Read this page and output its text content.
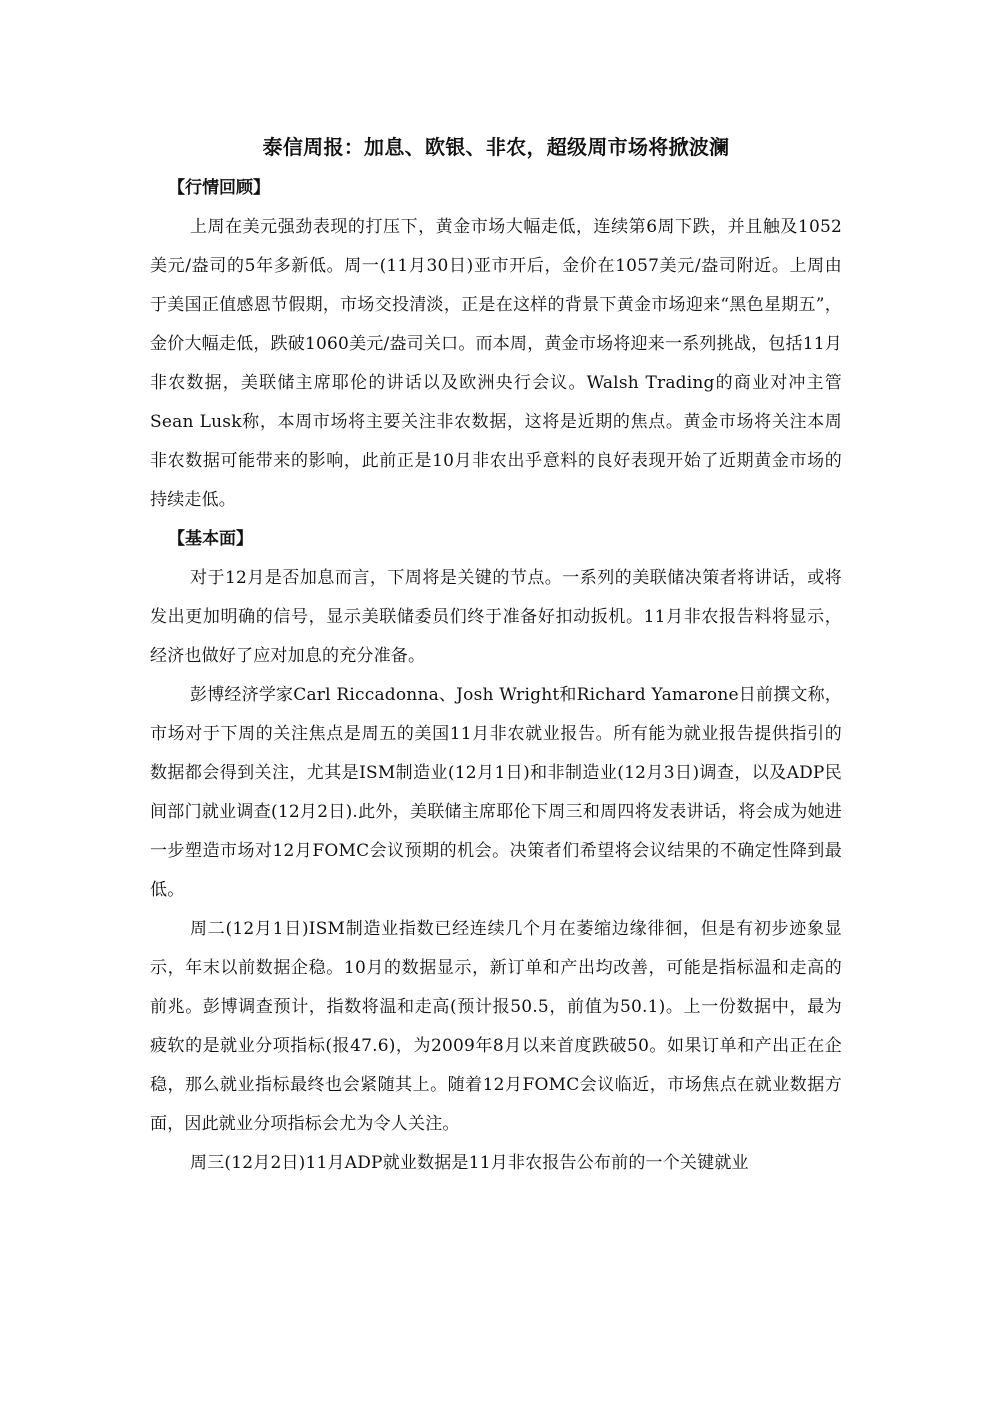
泰信周报：加息、欧银、非农，超级周市场将掀波澜
【行情回顾】

上周在美元强劲表现的打压下，黄金市场大幅走低，连续第6周下跌，并且触及1052美元/盎司的5年多新低。周一(11月30日)亚市开后，金价在1057美元/盎司附近。上周由于美国正值感恩节假期，市场交投清淡，正是在这样的背景下黄金市场迎来“黑色星期五”，金价大幅走低，跌破1060美元/盎司关口。而本周，黄金市场将迎来一系列挑战，包括11月非农数据，美联储主席耶伦的讲话以及欧洲央行会议。Walsh Trading的商业对冲主管Sean Lusk称，本周市场将主要关注非农数据，这将是近期的焦点。黄金市场将关注本周非农数据可能带来的影响，此前正是10月非农出乎意料的良好表现开始了近期黄金市场的持续走低。

【基本面】

对于12月是否加息而言，下周将是关键的节点。一系列的美联储决策者将讲话，或将发出更加明确的信号，显示美联储委员们终于准备好扣动扳机。11月非农报告料将显示，经济也做好了应对加息的充分准备。

彭博经济学家Carl Riccadonna、Josh Wright和Richard Yamarone日前撰文称，市场对于下周的关注焦点是周五的美国11月非农就业报告。所有能为就业报告提供指引的数据都会得到关注，尤其是ISM制造业(12月1日)和非制造业(12月3日)调查，以及ADP民间部门就业调查(12月2日).此外，美联储主席耶伦下周三和周四将发表讲话，将会成为她进一步塑造市场对12月FOMC会议预期的机会。决策者们希望将会议结果的不确定性降到最低。

周二(12月1日)ISM制造业指数已经连续几个月在萎缩边缘徘徊，但是有初步迹象显示，年末以前数据企稳。10月的数据显示，新订单和产出均改善，可能是指标温和走高的前兆。彭博调查预计，指数将温和走高(预计报50.5，前值为50.1)。上一份数据中，最为疲软的是就业分项指标(报47.6)，为2009年8月以来首度跌破50。如果订单和产出正在企稳，那么就业指标最终也会紧随其上。随着12月FOMC会议临近，市场焦点在就业数据方面，因此就业分项指标会尤为令人关注。

周三(12月2日)11月ADP就业数据是11月非农报告公布前的一个关键就业
